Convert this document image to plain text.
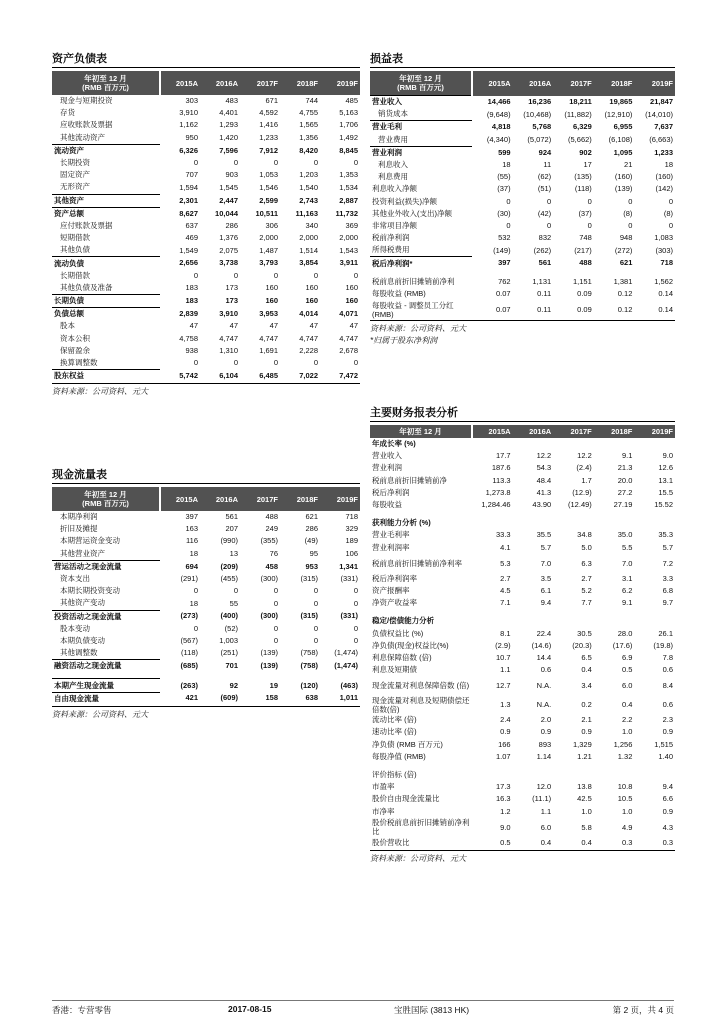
资产负债表
年初至 12 月
(RMB 百万元)	2015A	2016A	2017F	2018F	2019F
现金与短期投资	303	483	671	744	485
存货	3,910	4,401	4,592	4,755	5,163
应收账款及票据	1,162	1,293	1,416	1,565	1,706
其他流动资产	950	1,420	1,233	1,356	1,492
流动资产	6,326	7,596	7,912	8,420	8,845
长期投资	0	0	0	0	0
固定资产	707	903	1,053	1,203	1,353
无形资产	1,594	1,545	1,546	1,540	1,534
其他资产	2,301	2,447	2,599	2,743	2,887
资产总额	8,627	10,044	10,511	11,163	11,732
应付账款及票据	637	286	306	340	369
短期借款	469	1,376	2,000	2,000	2,000
其他负债	1,549	2,075	1,487	1,514	1,543
流动负债	2,656	3,738	3,793	3,854	3,911
长期借款	0	0	0	0	0
其他负债及准备	183	173	160	160	160
长期负债	183	173	160	160	160
负债总额	2,839	3,910	3,953	4,014	4,071
股本	47	47	47	47	47
资本公积	4,758	4,747	4,747	4,747	4,747
保留盈余	938	1,310	1,691	2,228	2,678
换算调整数	0	0	0	0	0
股东权益	5,742	6,104	6,485	7,022	7,472
资料来源：公司资料、元大
现金流量表
年初至 12 月
(RMB 百万元)	2015A	2016A	2017F	2018F	2019F
本期净利润	397	561	488	621	718
折旧及摊提	163	207	249	286	329
本期营运资金变动	116	(990)	(355)	(49)	189
其他营业资产	18	13	76	95	106
营运活动之现金流量	694	(209)	458	953	1,341
资本支出	(291)	(455)	(300)	(315)	(331)
本期长期投资变动	0	0	0	0	0
其他资产变动	18	55	0	0	0
投资活动之现金流量	(273)	(400)	(300)	(315)	(331)
股本变动	0	(52)	0	0	0
本期负债变动	(567)	1,003	0	0	0
其他调整数	(118)	(251)	(139)	(758)	(1,474)
融资活动之现金流量	(685)	701	(139)	(758)	(1,474)

本期产生现金流量	(263)	92	19	(120)	(463)
自由现金流量	421	(609)	158	638	1,011
资料来源：公司资料、元大
损益表
年初至 12 月
(RMB 百万元)	2015A	2016A	2017F	2018F	2019F
营业收入	14,466	16,236	18,211	19,865	21,847
销货成本	(9,648)	(10,468)	(11,882)	(12,910)	(14,010)
营业毛利	4,818	5,768	6,329	6,955	7,637
营业费用	(4,340)	(5,072)	(5,662)	(6,108)	(6,663)
营业利润	599	924	902	1,095	1,233
利息收入	18	11	17	21	18
利息费用	(55)	(62)	(135)	(160)	(160)
利息收入净额	(37)	(51)	(118)	(139)	(142)
投资利益(损失)净额	0	0	0	0	0
其他业外收入(支出)净额	(30)	(42)	(37)	(8)	(8)
非常项目净额	0	0	0	0	0
税前净利润	532	832	748	948	1,083
所得税费用	(149)	(262)	(217)	(272)	(303)
税后净利润*	397	561	488	621	718

税前息前折旧摊销前净利	762	1,131	1,151	1,381	1,562
每股收益 (RMB)	0.07	0.11	0.09	0.12	0.14
每股收益 - 调整员工分红 (RMB)	0.07	0.11	0.09	0.12	0.14
资料来源：公司资料、元大
*归属于股东净利润
主要财务报表分析
年初至 12 月	2015A	2016A	2017F	2018F	2019F
年成长率 (%)					
营业收入	17.7	12.2	12.2	9.1	9.0
营业利润	187.6	54.3	(2.4)	21.3	12.6
税前息前折旧摊销前净	113.3	48.4	1.7	20.0	13.1
税后净利润	1,273.8	41.3	(12.9)	27.2	15.5
每股收益	1,284.46	43.90	(12.49)	27.19	15.52

获利能力分析 (%)					
营业毛利率	33.3	35.5	34.8	35.0	35.3
营业利润率	4.1	5.7	5.0	5.5	5.7
税前息前折旧摊销前净利率	5.3	7.0	6.3	7.0	7.2
税后净利润率	2.7	3.5	2.7	3.1	3.3
资产报酬率	4.5	6.1	5.2	6.2	6.8
净资产收益率	7.1	9.4	7.7	9.1	9.7

稳定/偿债能力分析					
负债权益比 (%)	8.1	22.4	30.5	28.0	26.1
净负债(现金)权益比(%)	(2.9)	(14.6)	(20.3)	(17.6)	(19.8)
利息保障倍数 (倍)	10.7	14.4	6.5	6.9	7.8
利息及短期债	1.1	0.6	0.4	0.5	0.6
现金流量对利息保障倍数 (倍)	12.7	N.A.	3.4	6.0	8.4
现金流量对利息及短期债偿还倍数(倍)	1.3	N.A.	0.2	0.4	0.6
流动比率 (倍)	2.4	2.0	2.1	2.2	2.3
速动比率 (倍)	0.9	0.9	0.9	1.0	0.9
净负债 (RMB 百万元)	166	893	1,329	1,256	1,515
每股净值 (RMB)	1.07	1.14	1.21	1.32	1.40

评价指标 (倍)					
市盈率	17.3	12.0	13.8	10.8	9.4
股价自由现金流量比	16.3	(11.1)	42.5	10.5	6.6
市净率	1.2	1.1	1.0	1.0	0.9
股价税前息前折旧摊销前净利比	9.0	6.0	5.8	4.9	4.3
股价营收比	0.5	0.4	0.4	0.3	0.3
资料来源：公司资料、元大
香港：专营零售	2017-08-15	宝胜国际 (3813 HK)	第 2 页，共 4 页
